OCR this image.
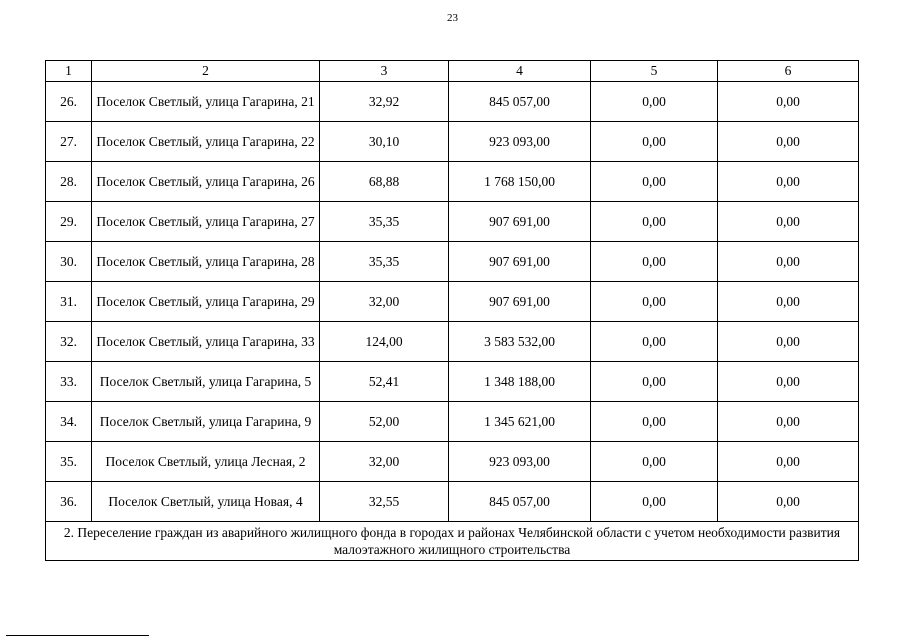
23
1	2	3	4	5	6
26.	Поселок Светлый, улица Гагарина, 21	32,92	845 057,00	0,00	0,00
27.	Поселок Светлый, улица Гагарина, 22	30,10	923 093,00	0,00	0,00
28.	Поселок Светлый, улица Гагарина, 26	68,88	1 768 150,00	0,00	0,00
29.	Поселок Светлый, улица Гагарина, 27	35,35	907 691,00	0,00	0,00
30.	Поселок Светлый, улица Гагарина, 28	35,35	907 691,00	0,00	0,00
31.	Поселок Светлый, улица Гагарина, 29	32,00	907 691,00	0,00	0,00
32.	Поселок Светлый, улица Гагарина, 33	124,00	3 583 532,00	0,00	0,00
33.	Поселок Светлый, улица Гагарина, 5	52,41	1 348 188,00	0,00	0,00
34.	Поселок Светлый, улица Гагарина, 9	52,00	1 345 621,00	0,00	0,00
35.	Поселок Светлый, улица Лесная, 2	32,00	923 093,00	0,00	0,00
36.	Поселок Светлый, улица Новая, 4	32,55	845 057,00	0,00	0,00
2. Переселение граждан из аварийного жилищного фонда в городах и районах Челябинской области с учетом необходимости развития малоэтажного жилищного строительства					
